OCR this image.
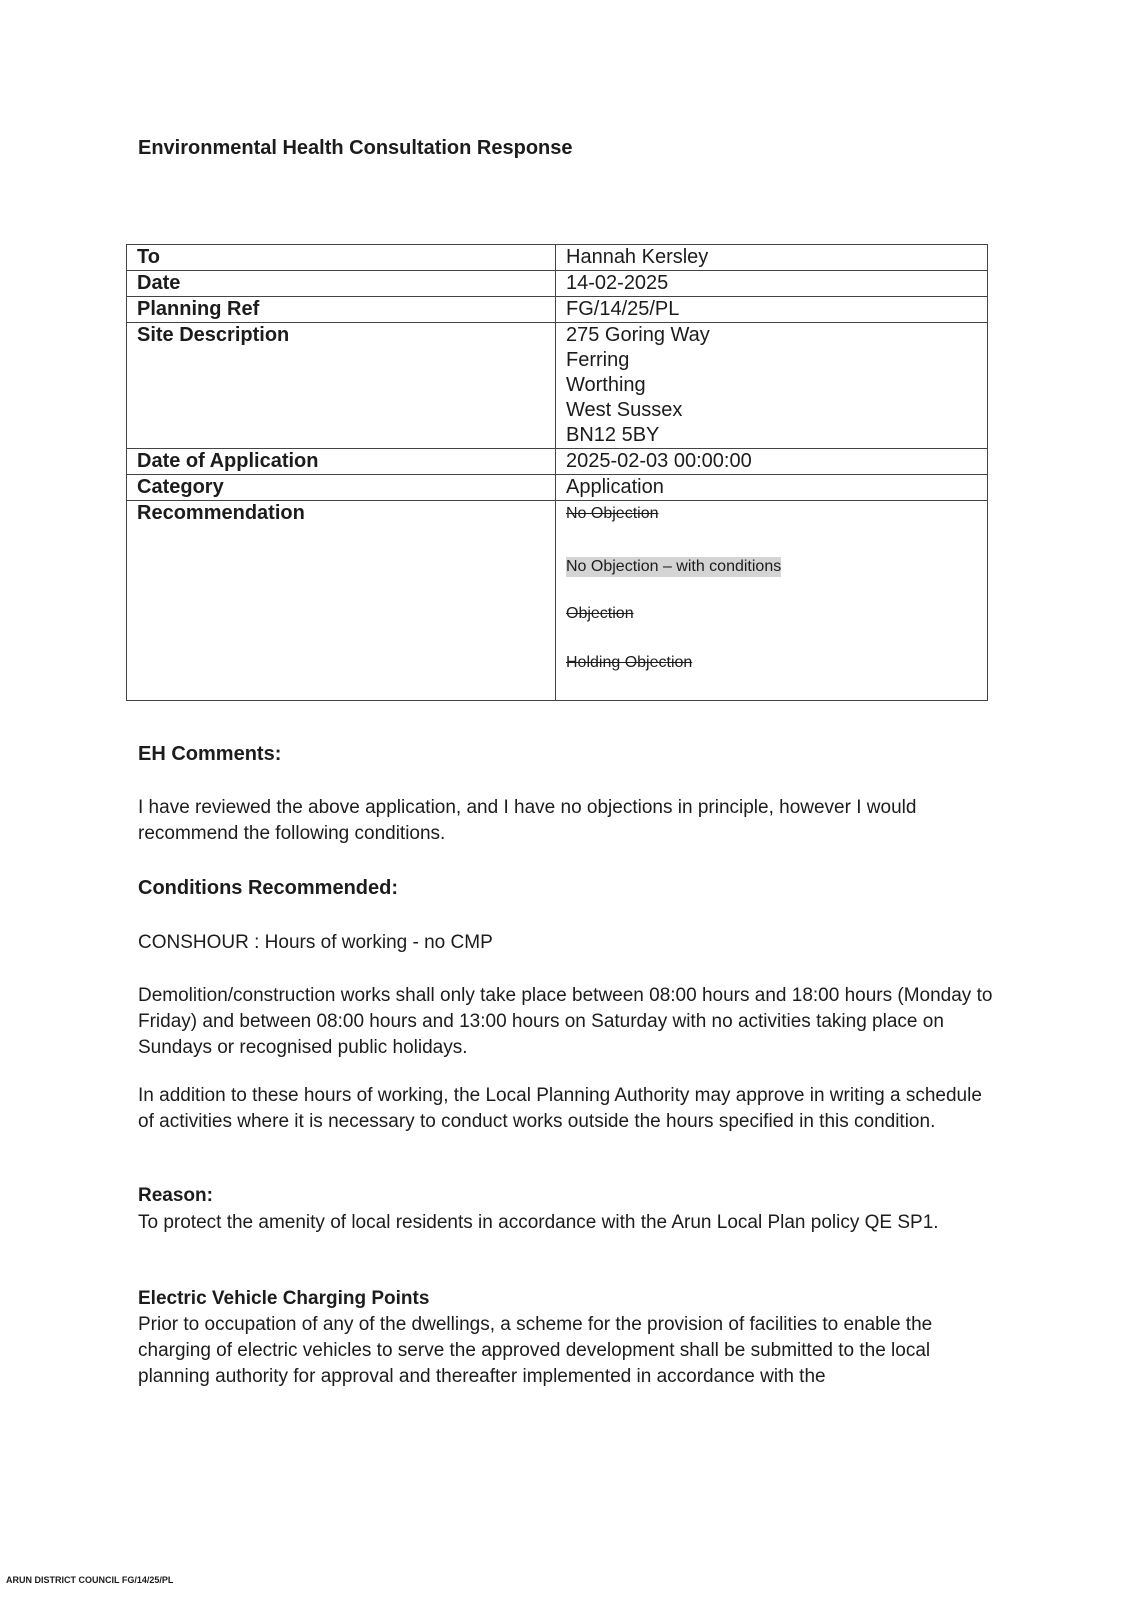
Environmental Health Consultation Response
To	Hannah Kersley
Date	14-02-2025
Planning Ref	FG/14/25/PL
Site Description	275 Goring Way
Ferring
Worthing
West Sussex
BN12 5BY

Date of Application	2025-02-03 00:00:00
Category	Application
Recommendation	No Objection
No Objection – with conditions
Objection
Holding Objection
EH Comments:

I have reviewed the above application, and I have no objections in principle, however I would recommend the following conditions.

Conditions Recommended:
CONSHOUR : Hours of working - no CMP

Demolition/construction works shall only take place between 08:00 hours and 18:00 hours (Monday to Friday) and between 08:00 hours and 13:00 hours on Saturday with no activities taking place on Sundays or recognised public holidays.

In addition to these hours of working, the Local Planning Authority may approve in writing a schedule of activities where it is necessary to conduct works outside the hours specified in this condition.

Reason:

To protect the amenity of local residents in accordance with the Arun Local Plan policy QE SP1.

Electric Vehicle Charging Points

Prior to occupation of any of the dwellings, a scheme for the provision of facilities to enable the charging of electric vehicles to serve the approved development shall be submitted to the local planning authority for approval and thereafter implemented in accordance with the

ARUN DISTRICT COUNCIL FG/14/25/PL
